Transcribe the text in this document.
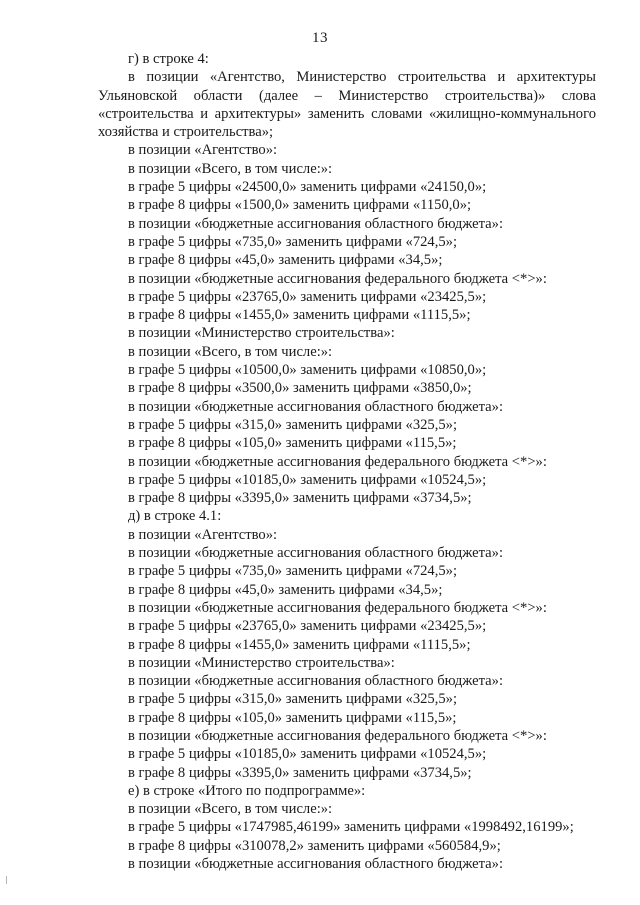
13
г) в строке 4:
в позиции «Агентство, Министерство строительства и архитектуры Ульяновской области (далее – Министерство строительства)» слова «строительства и архитектуры» заменить словами «жилищно-коммунального хозяйства и строительства»;
в позиции «Агентство»:
в позиции «Всего, в том числе:»:
в графе 5 цифры «24500,0» заменить цифрами «24150,0»;
в графе 8 цифры «1500,0» заменить цифрами «1150,0»;
в позиции «бюджетные ассигнования областного бюджета»:
в графе 5 цифры «735,0» заменить цифрами «724,5»;
в графе 8 цифры «45,0» заменить цифрами «34,5»;
в позиции «бюджетные ассигнования федерального бюджета <*>»:
в графе 5 цифры «23765,0» заменить цифрами «23425,5»;
в графе 8 цифры «1455,0» заменить цифрами «1115,5»;
в позиции «Министерство строительства»:
в позиции «Всего, в том числе:»:
в графе 5 цифры «10500,0» заменить цифрами «10850,0»;
в графе 8 цифры «3500,0» заменить цифрами «3850,0»;
в позиции «бюджетные ассигнования областного бюджета»:
в графе 5 цифры «315,0» заменить цифрами «325,5»;
в графе 8 цифры «105,0» заменить цифрами «115,5»;
в позиции «бюджетные ассигнования федерального бюджета <*>»:
в графе 5 цифры «10185,0» заменить цифрами «10524,5»;
в графе 8 цифры «3395,0» заменить цифрами «3734,5»;
д) в строке 4.1:
в позиции «Агентство»:
в позиции «бюджетные ассигнования областного бюджета»:
в графе 5 цифры «735,0» заменить цифрами «724,5»;
в графе 8 цифры «45,0» заменить цифрами «34,5»;
в позиции «бюджетные ассигнования федерального бюджета <*>»:
в графе 5 цифры «23765,0» заменить цифрами «23425,5»;
в графе 8 цифры «1455,0» заменить цифрами «1115,5»;
в позиции «Министерство строительства»:
в позиции «бюджетные ассигнования областного бюджета»:
в графе 5 цифры «315,0» заменить цифрами «325,5»;
в графе 8 цифры «105,0» заменить цифрами «115,5»;
в позиции «бюджетные ассигнования федерального бюджета <*>»:
в графе 5 цифры «10185,0» заменить цифрами «10524,5»;
в графе 8 цифры «3395,0» заменить цифрами «3734,5»;
е) в строке «Итого по подпрограмме»:
в позиции «Всего, в том числе:»:
в графе 5 цифры «1747985,46199» заменить цифрами «1998492,16199»;
в графе 8 цифры «310078,2» заменить цифрами «560584,9»;
в позиции «бюджетные ассигнования областного бюджета»:
